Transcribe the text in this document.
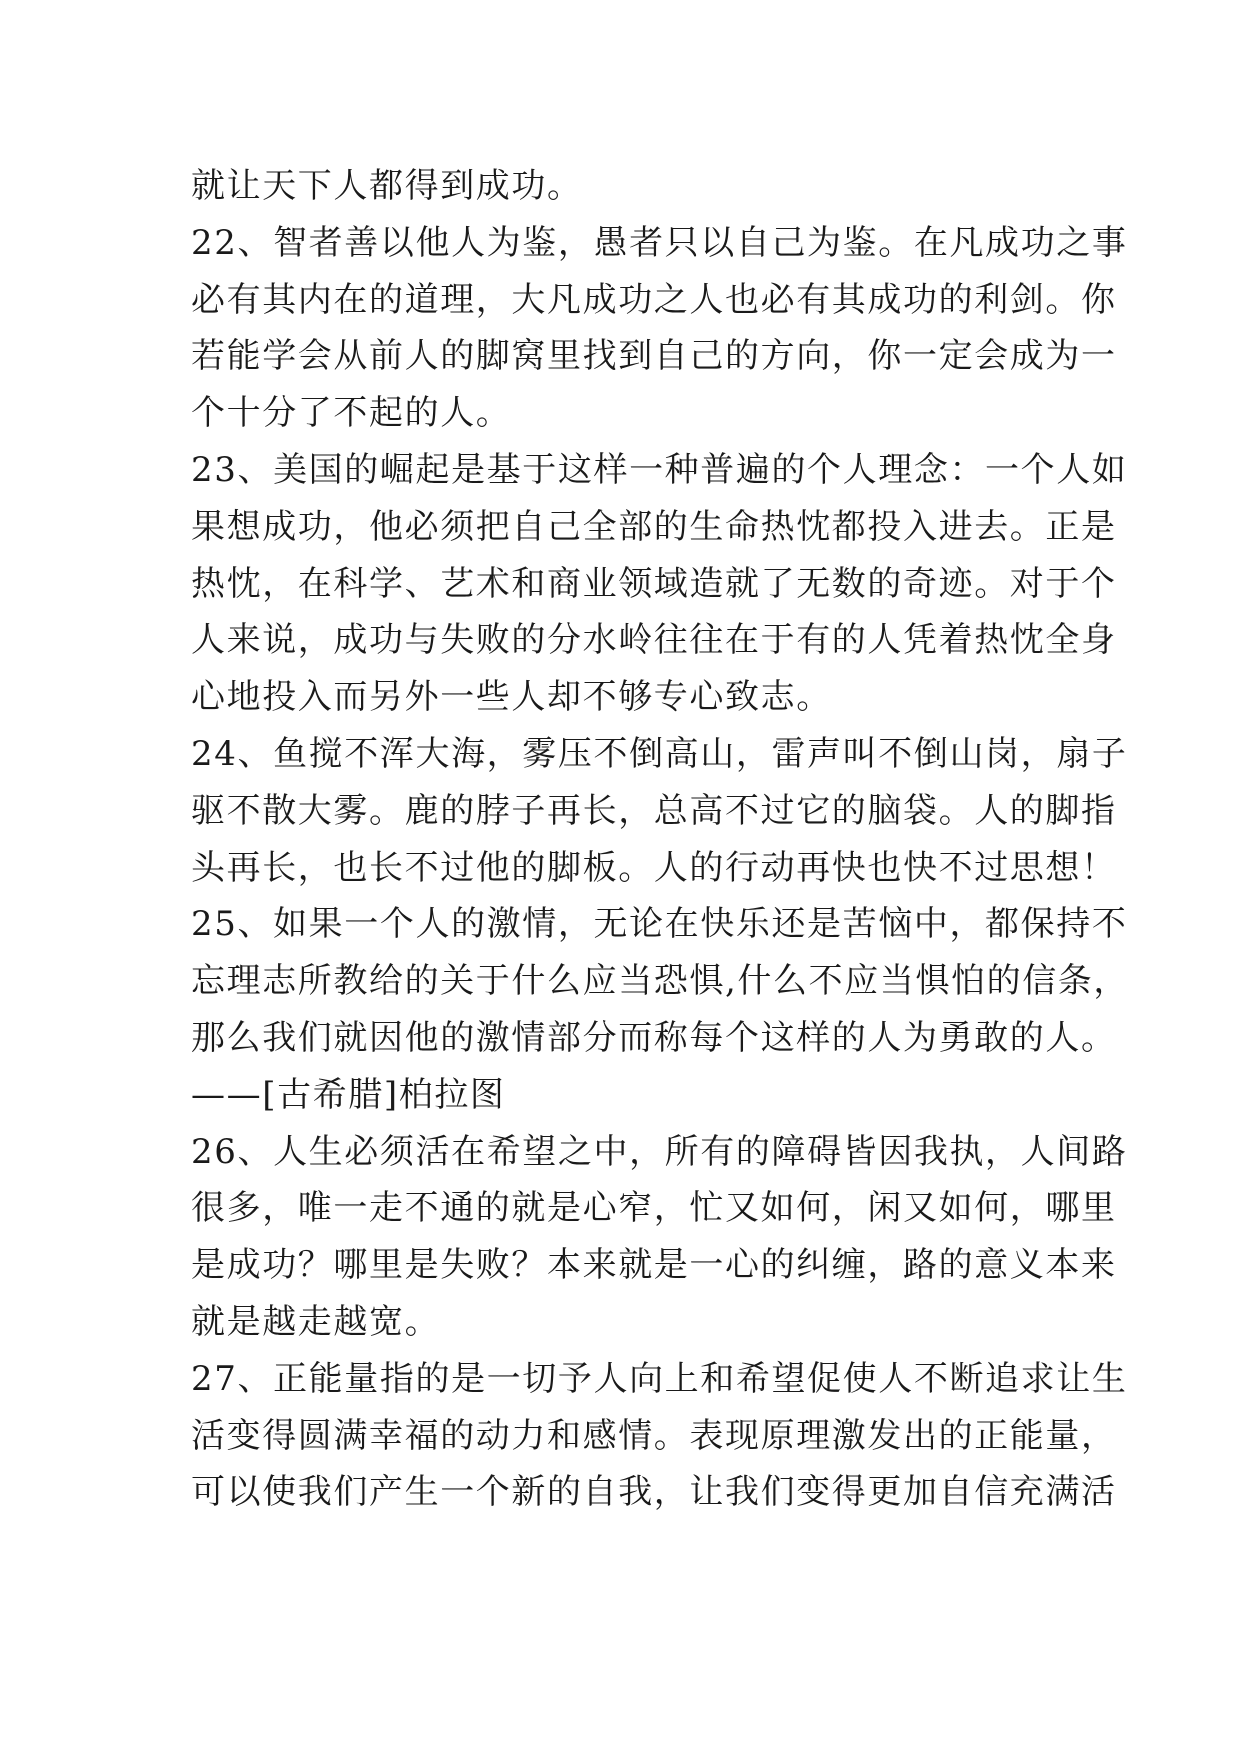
就让天下人都得到成功。
22、智者善以他人为鉴，愚者只以自己为鉴。在凡成功之事
必有其内在的道理，大凡成功之人也必有其成功的利剑。你
若能学会从前人的脚窝里找到自己的方向，你一定会成为一
个十分了不起的人。
23、美国的崛起是基于这样一种普遍的个人理念：一个人如
果想成功，他必须把自己全部的生命热忱都投入进去。正是
热忱，在科学、艺术和商业领域造就了无数的奇迹。对于个
人来说，成功与失败的分水岭往往在于有的人凭着热忱全身
心地投入而另外一些人却不够专心致志。
24、鱼搅不浑大海，雾压不倒高山，雷声叫不倒山岗，扇子
驱不散大雾。鹿的脖子再长，总高不过它的脑袋。人的脚指
头再长，也长不过他的脚板。人的行动再快也快不过思想！
25、如果一个人的激情，无论在快乐还是苦恼中，都保持不
忘理志所教给的关于什么应当恐惧,什么不应当惧怕的信条，
那么我们就因他的激情部分而称每个这样的人为勇敢的人。
——[古希腊]柏拉图
26、人生必须活在希望之中，所有的障碍皆因我执，人间路
很多，唯一走不通的就是心窄，忙又如何，闲又如何，哪里
是成功？哪里是失败？本来就是一心的纠缠，路的意义本来
就是越走越宽。
27、正能量指的是一切予人向上和希望促使人不断追求让生
活变得圆满幸福的动力和感情。表现原理激发出的正能量，
可以使我们产生一个新的自我，让我们变得更加自信充满活
